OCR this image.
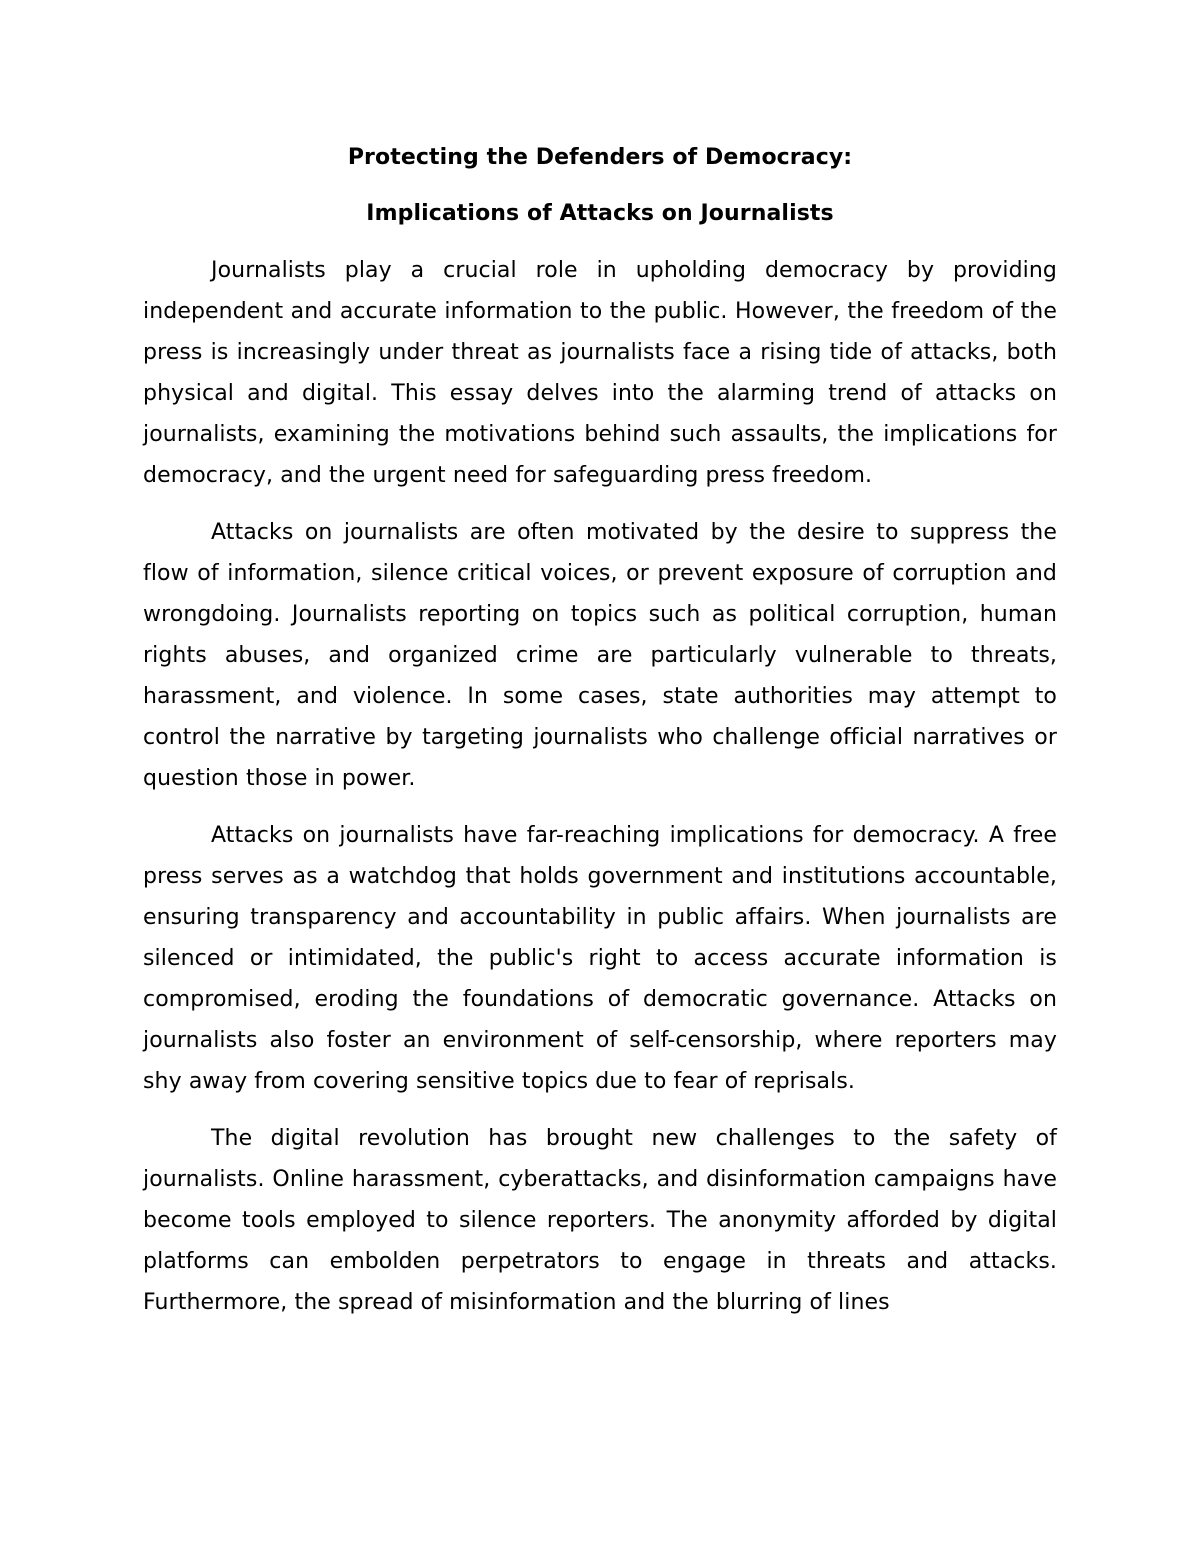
Protecting the Defenders of Democracy:
Implications of Attacks on Journalists

Journalists play a crucial role in upholding democracy by providing independent and accurate information to the public. However, the freedom of the press is increasingly under threat as journalists face a rising tide of attacks, both physical and digital. This essay delves into the alarming trend of attacks on journalists, examining the motivations behind such assaults, the implications for democracy, and the urgent need for safeguarding press freedom.

Attacks on journalists are often motivated by the desire to suppress the flow of information, silence critical voices, or prevent exposure of corruption and wrongdoing. Journalists reporting on topics such as political corruption, human rights abuses, and organized crime are particularly vulnerable to threats, harassment, and violence. In some cases, state authorities may attempt to control the narrative by targeting journalists who challenge official narratives or question those in power.

Attacks on journalists have far-reaching implications for democracy. A free press serves as a watchdog that holds government and institutions accountable, ensuring transparency and accountability in public affairs. When journalists are silenced or intimidated, the public's right to access accurate information is compromised, eroding the foundations of democratic governance. Attacks on journalists also foster an environment of self-censorship, where reporters may shy away from covering sensitive topics due to fear of reprisals.

The digital revolution has brought new challenges to the safety of journalists. Online harassment, cyberattacks, and disinformation campaigns have become tools employed to silence reporters. The anonymity afforded by digital platforms can embolden perpetrators to engage in threats and attacks. Furthermore, the spread of misinformation and the blurring of lines
